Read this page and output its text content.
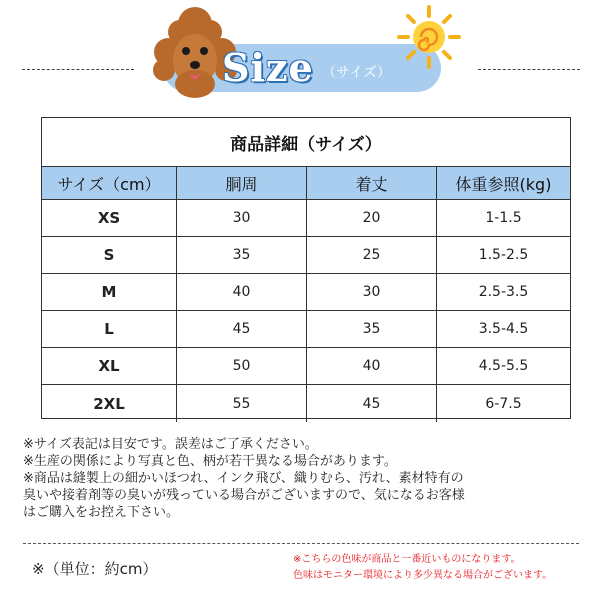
Size （サイズ）
商品詳細（サイズ）
サイズ（cm）	胴周	着丈	体重参照(kg)
XS	30	20	1-1.5
S	35	25	1.5-2.5
M	40	30	2.5-3.5
L	45	35	3.5-4.5
XL	50	40	4.5-5.5
2XL	55	45	6-7.5
※サイズ表記は目安です。誤差はご了承ください。
※生産の関係により写真と色、柄が若干異なる場合があります。
※商品は縫製上の細かいほつれ、インク飛び、織りむら、汚れ、素材特有の
臭いや接着剤等の臭いが残っている場合がございますので、気になるお客様
はご購入をお控え下さい。
※（単位：約cm）
※こちらの色味が商品と一番近いものになります。
色味はモニター環境により多少異なる場合がございます。
